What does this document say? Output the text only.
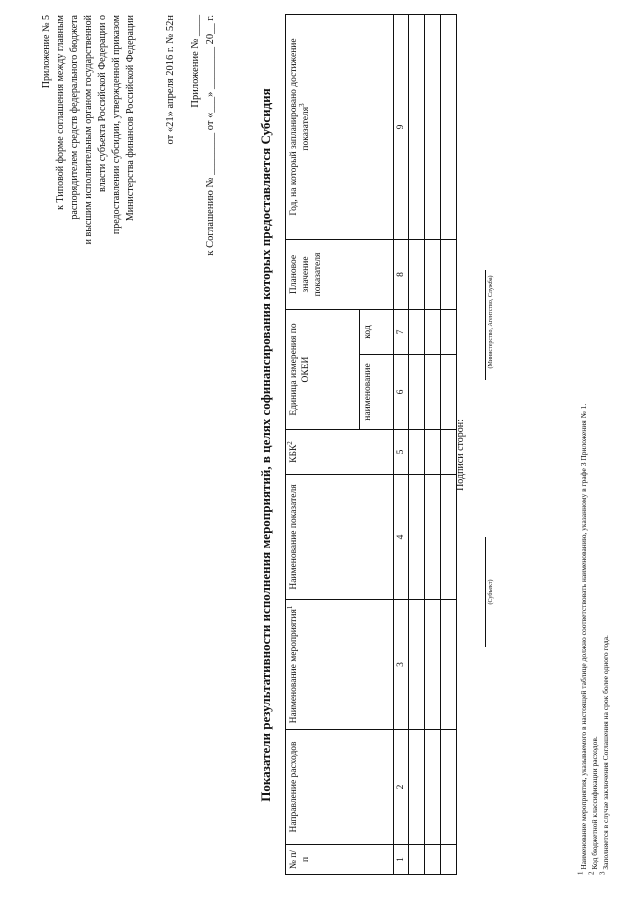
Приложение № 5 к Типовой форме соглашения между главным распорядителем средств федерального бюджета и высшим исполнительным органом государственной власти субъекта Российской Федерации о предоставлении субсидии, утвержденной приказом Министерства финансов Российской Федерации	от «21» апреля 2016 г. № 52н Приложение № ____ к Соглашению № ________ от «___» ________ 20__ г.	Показатели результативности исполнения мероприятий, в целях софинансирования которых предоставляется Субсидия
№ п/п	Направление расходов	Наименование мероприятия$^1$	Наименование показателя	КБК$^2$	Единица измерения по ОКЕИ		Плановое значение показателя	Год, на который запланировано достижение показателя$^3$
					наименование	код		
1	2	3	4	5	6	7	8	9

Подписи сторон:
(Субъект)
(Министерство, Агентство, Служба)
$^1$ Наименование мероприятия, указываемого в настоящей таблице должно соответствовать наименованию, указанному в графе 3 Приложения № 1.
$^2$ Код бюджетной классификации расходов.
$^3$ Заполняется в случае заключения Соглашения на срок более одного года.
